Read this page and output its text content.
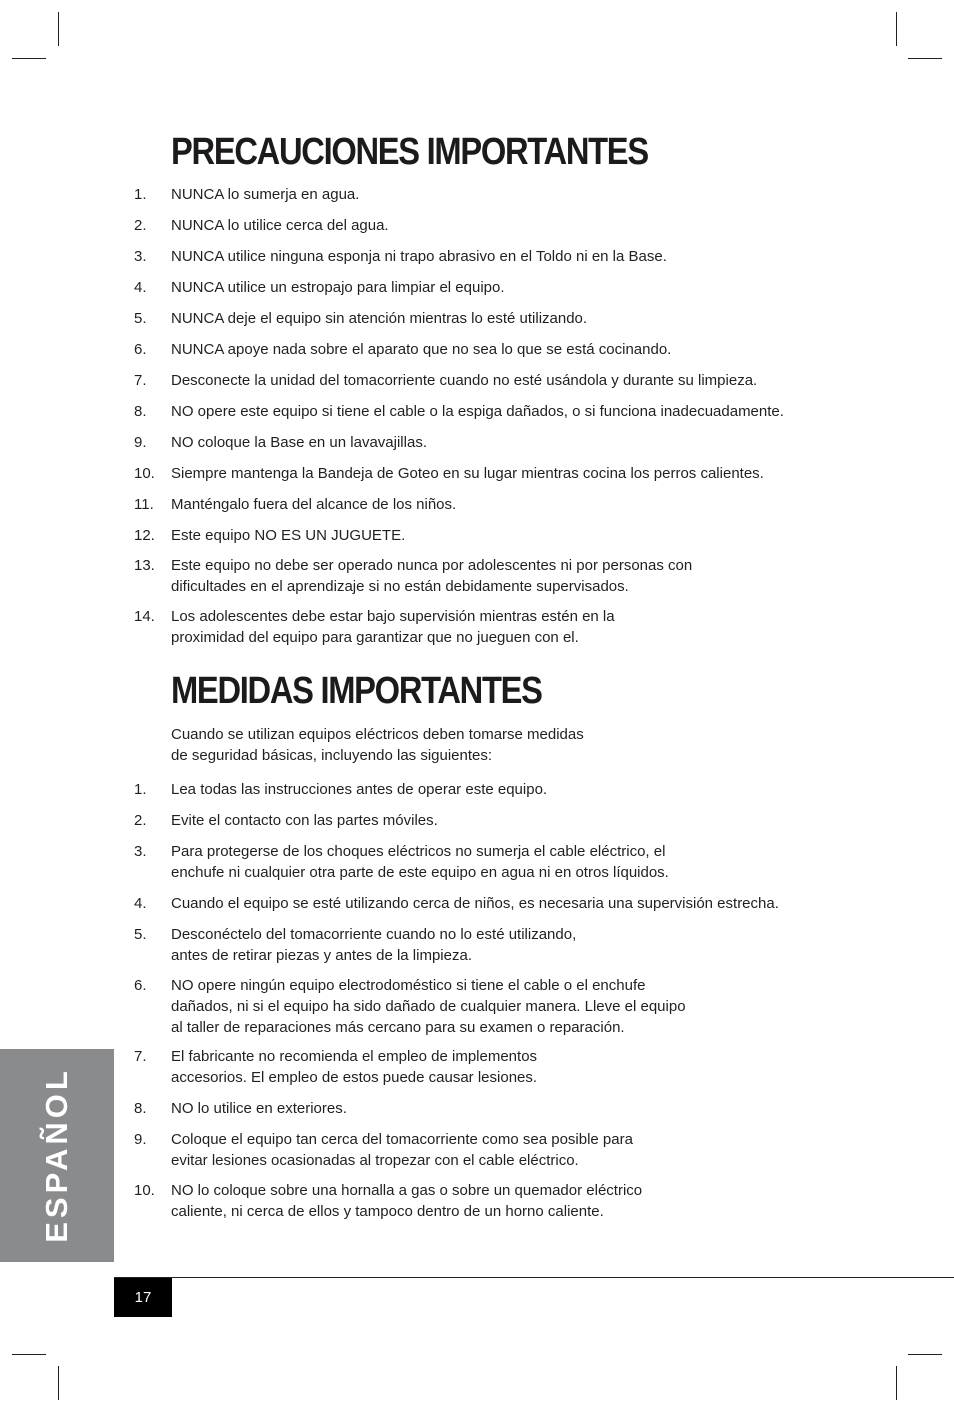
PRECAUCIONES IMPORTANTES
1. NUNCA lo sumerja en agua.
2. NUNCA lo utilice cerca del agua.
3. NUNCA utilice ninguna esponja ni trapo abrasivo en el Toldo ni en la Base.
4. NUNCA utilice un estropajo para limpiar el equipo.
5. NUNCA deje el equipo sin atención mientras lo esté utilizando.
6. NUNCA apoye nada sobre el aparato que no sea lo que se está cocinando.
7. Desconecte la unidad del tomacorriente cuando no esté usándola y durante su limpieza.
8. NO opere este equipo si tiene el cable o la espiga dañados, o si funciona inadecuadamente.
9. NO coloque la Base en un lavavajillas.
10. Siempre mantenga la Bandeja de Goteo en su lugar mientras cocina los perros calientes.
11. Manténgalo fuera del alcance de los niños.
12. Este equipo NO ES UN JUGUETE.
13. Este equipo no debe ser operado nunca por adolescentes ni por personas con
dificultades en el aprendizaje si no están debidamente supervisados.
14. Los adolescentes debe estar bajo supervisión mientras estén en la
proximidad del equipo para garantizar que no jueguen con el.
MEDIDAS IMPORTANTES
Cuando se utilizan equipos eléctricos deben tomarse medidas
de seguridad básicas, incluyendo las siguientes:
1. Lea todas las instrucciones antes de operar este equipo.
2. Evite el contacto con las partes móviles.
3. Para protegerse de los choques eléctricos no sumerja el cable eléctrico, el
enchufe ni cualquier otra parte de este equipo en agua ni en otros líquidos.
4. Cuando el equipo se esté utilizando cerca de niños, es necesaria una supervisión estrecha.
5. Desconéctelo del tomacorriente cuando no lo esté utilizando,
antes de retirar piezas y antes de la limpieza.
6. NO opere ningún equipo electrodoméstico si tiene el cable o el enchufe
dañados, ni si el equipo ha sido dañado de cualquier manera. Lleve el equipo
al taller de reparaciones más cercano para su examen o reparación.
7. El fabricante no recomienda el empleo de implementos
accesorios. El empleo de estos puede causar lesiones.
8. NO lo utilice en exteriores.
9. Coloque el equipo tan cerca del tomacorriente como sea posible para
evitar lesiones ocasionadas al tropezar con el cable eléctrico.
10. NO lo coloque sobre una hornalla a gas o sobre un quemador eléctrico
caliente, ni cerca de ellos y tampoco dentro de un horno caliente.
ESPAÑOL
17
